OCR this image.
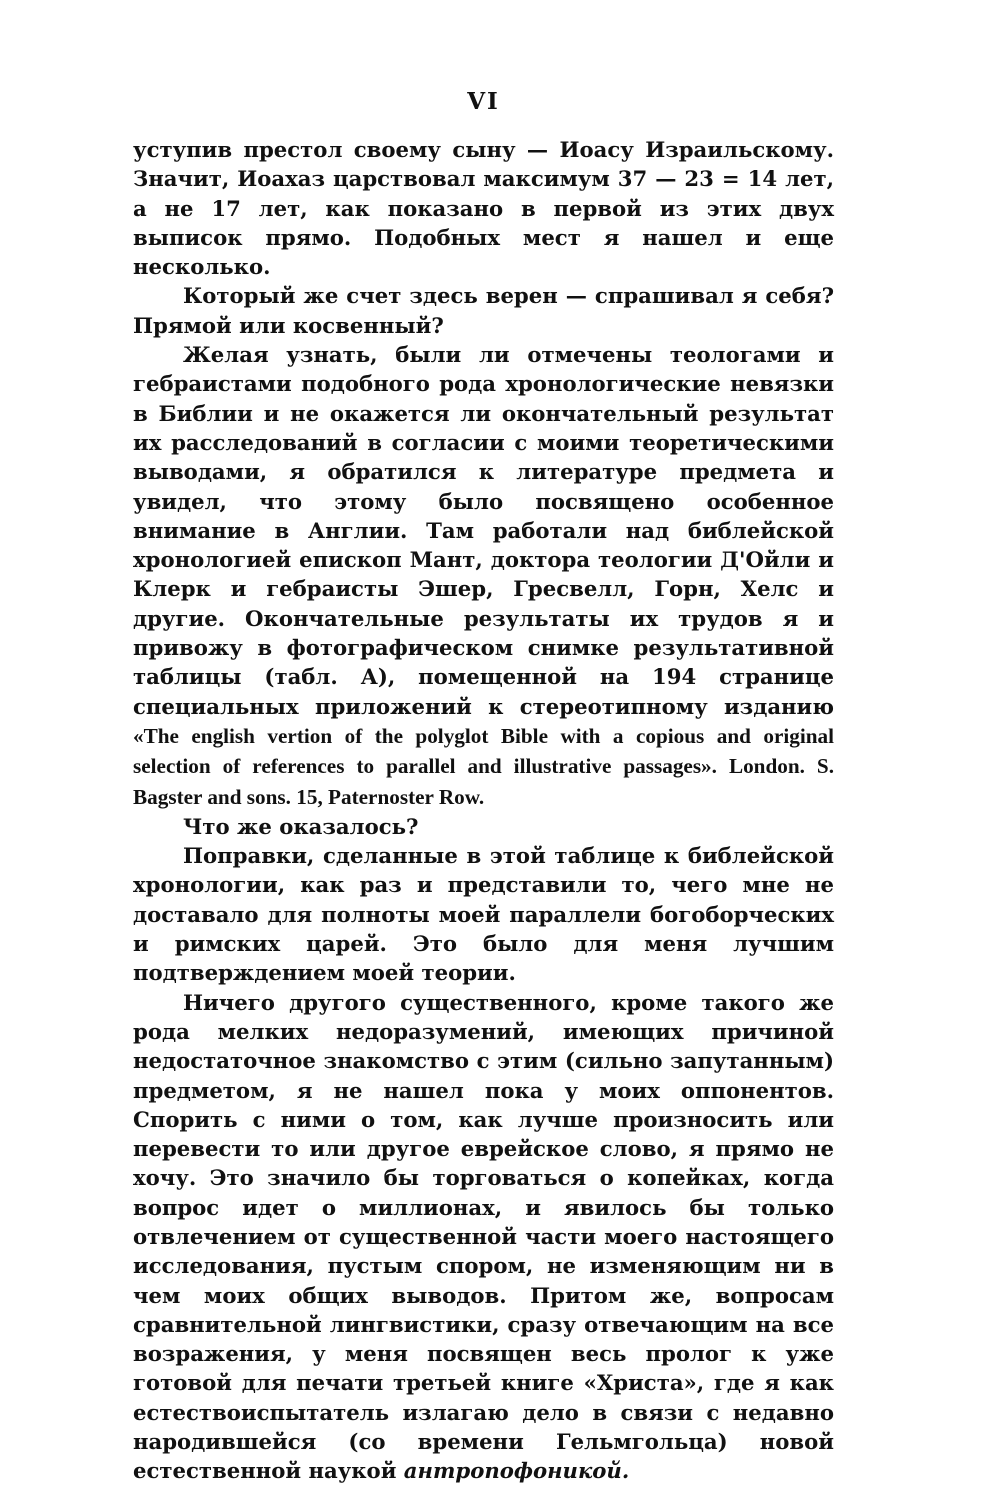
VI

уступив престол своему сыну — Иоасу Израильскому. Значит, Иоахаз царствовал максимум 37 — 23 = 14 лет, а не 17 лет, как показано в первой из этих двух выписок прямо. Подобных мест я нашел и еще несколько.

Который же счет здесь верен — спрашивал я себя? Прямой или косвенный?

Желая узнать, были ли отмечены теологами и гебраистами подобного рода хронологические невязки в Библии и не окажется ли окончательный результат их расследований в согласии с моими теоретическими выводами, я обратился к литературе предмета и увидел, что этому было посвящено особенное внимание в Англии. Там работали над библейской хронологией епископ Мант, доктора теологии Д'Ойли и Клерк и гебраисты Эшер, Гресвелл, Горн, Хелс и другие. Окончательные результаты их трудов я и привожу в фотографическом снимке результативной таблицы (табл. А), помещенной на 194 странице специальных приложений к стереотипному изданию «The english vertion of the polyglot Bible with a copious and original selection of references to parallel and illustrative passages». London. S. Bagster and sons. 15, Paternoster Row.

Что же оказалось?

Поправки, сделанные в этой таблице к библейской хронологии, как раз и представили то, чего мне не доставало для полноты моей параллели богоборческих и римских царей. Это было для меня лучшим подтверждением моей теории.

Ничего другого существенного, кроме такого же рода мелких недоразумений, имеющих причиной недостаточное знакомство с этим (сильно запутанным) предметом, я не нашел пока у моих оппонентов. Спорить с ними о том, как лучше произносить или перевести то или другое еврейское слово, я прямо не хочу. Это значило бы торговаться о копейках, когда вопрос идет о миллионах, и явилось бы только отвлечением от существенной части моего настоящего исследования, пустым спором, не изменяющим ни в чем моих общих выводов. Притом же, вопросам сравнительной лингвистики, сразу отвечающим на все возражения, у меня посвящен весь пролог к уже готовой для печати третьей книге «Христа», где я как естествоиспытатель излагаю дело в связи с недавно народившейся (со времени Гельмгольца) новой естественной наукой антропофоникой.
